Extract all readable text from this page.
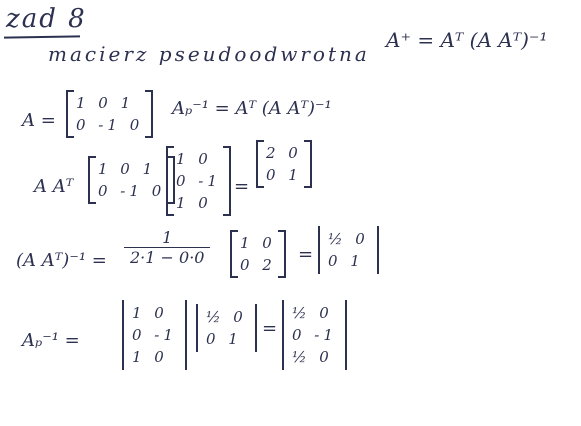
zad 8
macierz pseudoodwrotna
A⁺ = Aᵀ (A Aᵀ)⁻¹
A =
1 0 1
0 -1 0
Aₚ⁻¹ = Aᵀ (A Aᵀ)⁻¹
A Aᵀ
1 0 1
0 -1 0
1 0
0 -1
1 0
=
2 0
0 1
(A Aᵀ)⁻¹ = $\frac{1}{2\cdot 1 - 0\cdot 0} 1$ 0
0 2 =
½ 0
0 1
Aₚ⁻¹ =
1 0
0 -1
1 0
½ 0
0 1 =
½ 0
0 -1
½ 0
